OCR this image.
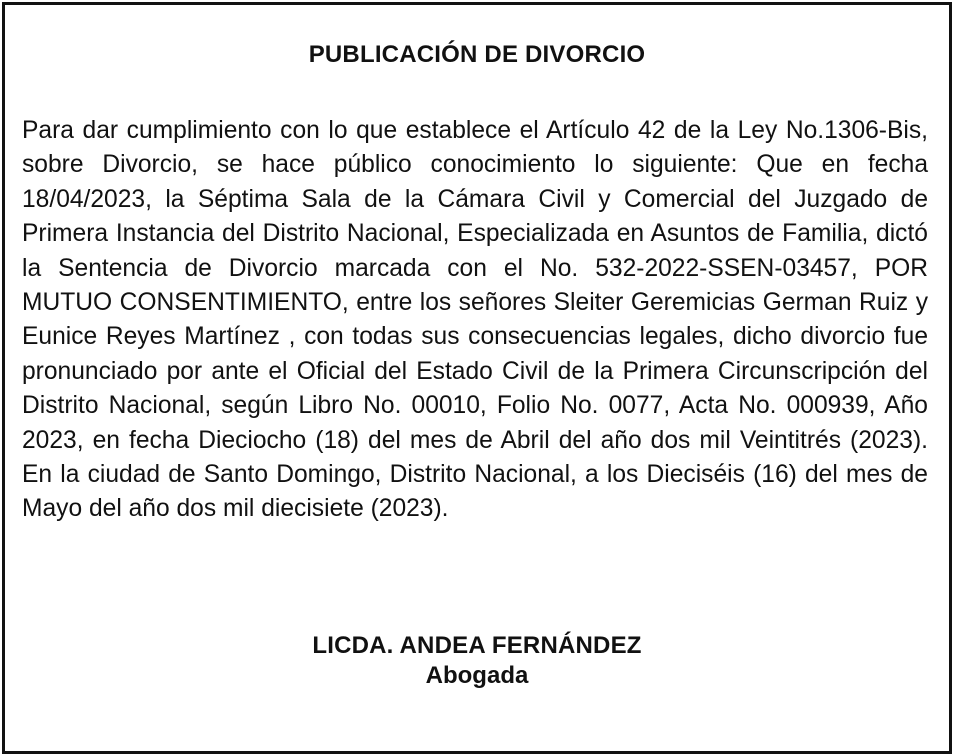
PUBLICACIÓN DE DIVORCIO

Para dar cumplimiento con lo que establece el Artículo 42 de la Ley No.1306-Bis, sobre Divorcio, se hace público conocimiento lo siguiente: Que en fecha 18/04/2023, la Séptima Sala de la Cámara Civil y Comercial del Juzgado de Primera Instancia del Distrito Nacional, Especializada en Asuntos de Familia, dictó la Sentencia de Divorcio marcada con el No. 532-2022-SSEN-03457, POR MUTUO CONSENTIMIENTO, entre los señores Sleiter Geremicias German Ruiz y Eunice Reyes Martínez , con todas sus consecuencias legales, dicho divorcio fue pronunciado por ante el Oficial del Estado Civil de la Primera Circunscripción del Distrito Nacional, según Libro No. 00010, Folio No. 0077, Acta No. 000939, Año 2023, en fecha Dieciocho (18) del mes de Abril del año dos mil Veintitrés (2023). En la ciudad de Santo Domingo, Distrito Nacional, a los Dieciséis (16) del mes de Mayo del año dos mil diecisiete (2023).

LICDA. ANDEA FERNÁNDEZ
Abogada
